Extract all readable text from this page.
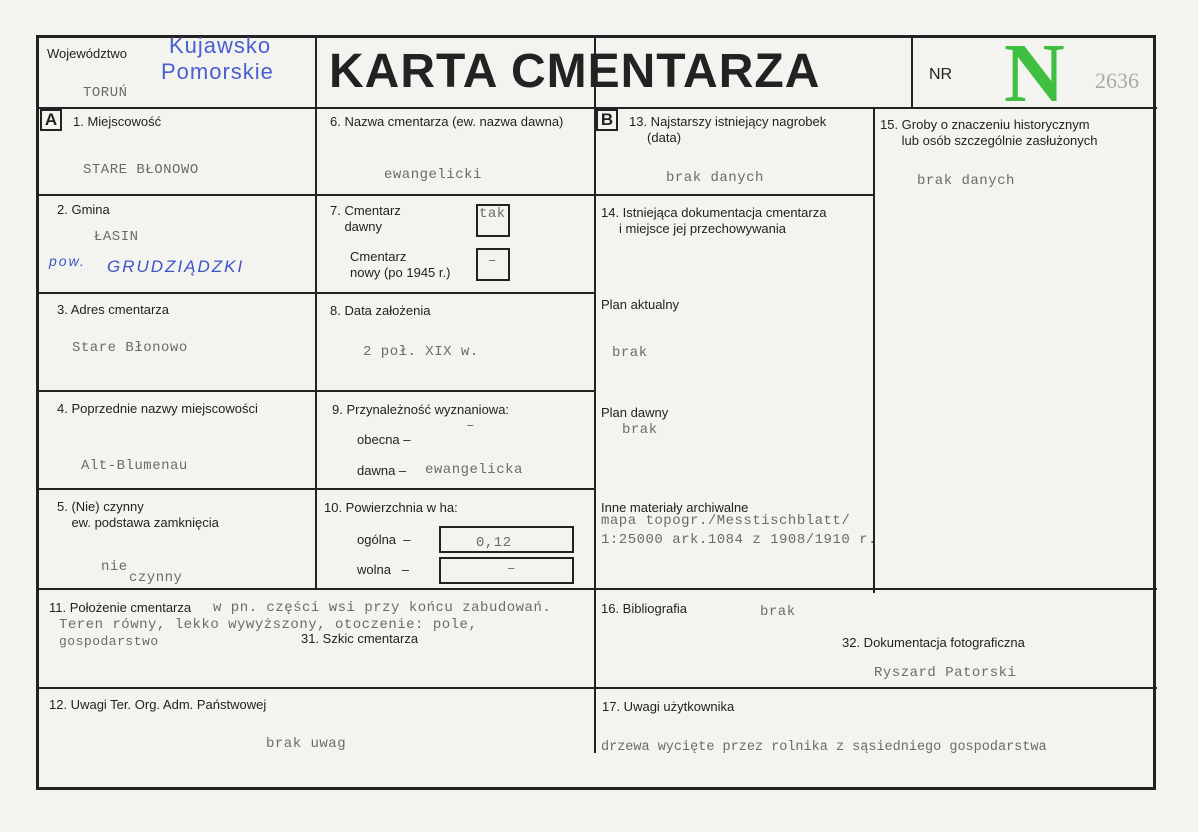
Województwo Kujawsko
Pomorskie
TORUŃ	KARTA CMENTARZA	NR N 2636
A	B
1. Miejscowość
STARE BŁONOWO
6. Nazwa cmentarza (ew. nazwa dawna)
ewangelicki
13. Najstarszy istniejący nagrobek
(data)
brak danych
15. Groby o znaczeniu historycznym
lub osób szczególnie zasłużonych
brak danych
2. Gmina
ŁASIN
pow. GRUDZIĄDZKI
7. Cmentarz
dawny
tak
Cmentarz
nowy (po 1945 r.)
–
14. Istniejąca dokumentacja cmentarza
i miejsce jej przechowywania
3. Adres cmentarza
Stare Błonowo
8. Data założenia
2 poł. XIX w.
Plan aktualny
brak
4. Poprzednie nazwy miejscowości
Alt-Blumenau
9. Przynależność wyznaniowa:
obecna –
–
dawna – ewangelicka
Plan dawny
brak
5. (Nie) czynny
ew. podstawa zamknięcia
nie
czynny
10. Powierzchnia w ha:
ogólna  –	0,12
wolna   –	–
Inne materiały archiwalne
mapa topogr./Messtischblatt/
1:25000 ark.1084 z 1908/1910 r.
11. Położenie cmentarza w pn. części wsi przy końcu zabudowań.
Teren równy, lekko wywyższony, otoczenie: pole,
gospodarstwo	31. Szkic cmentarza
16. Bibliografia	brak
32. Dokumentacja fotograficzna
Ryszard Patorski
12. Uwagi Ter. Org. Adm. Państwowej
brak uwag
17. Uwagi użytkownika
drzewa wycięte przez rolnika z sąsiedniego gospodarstwa
